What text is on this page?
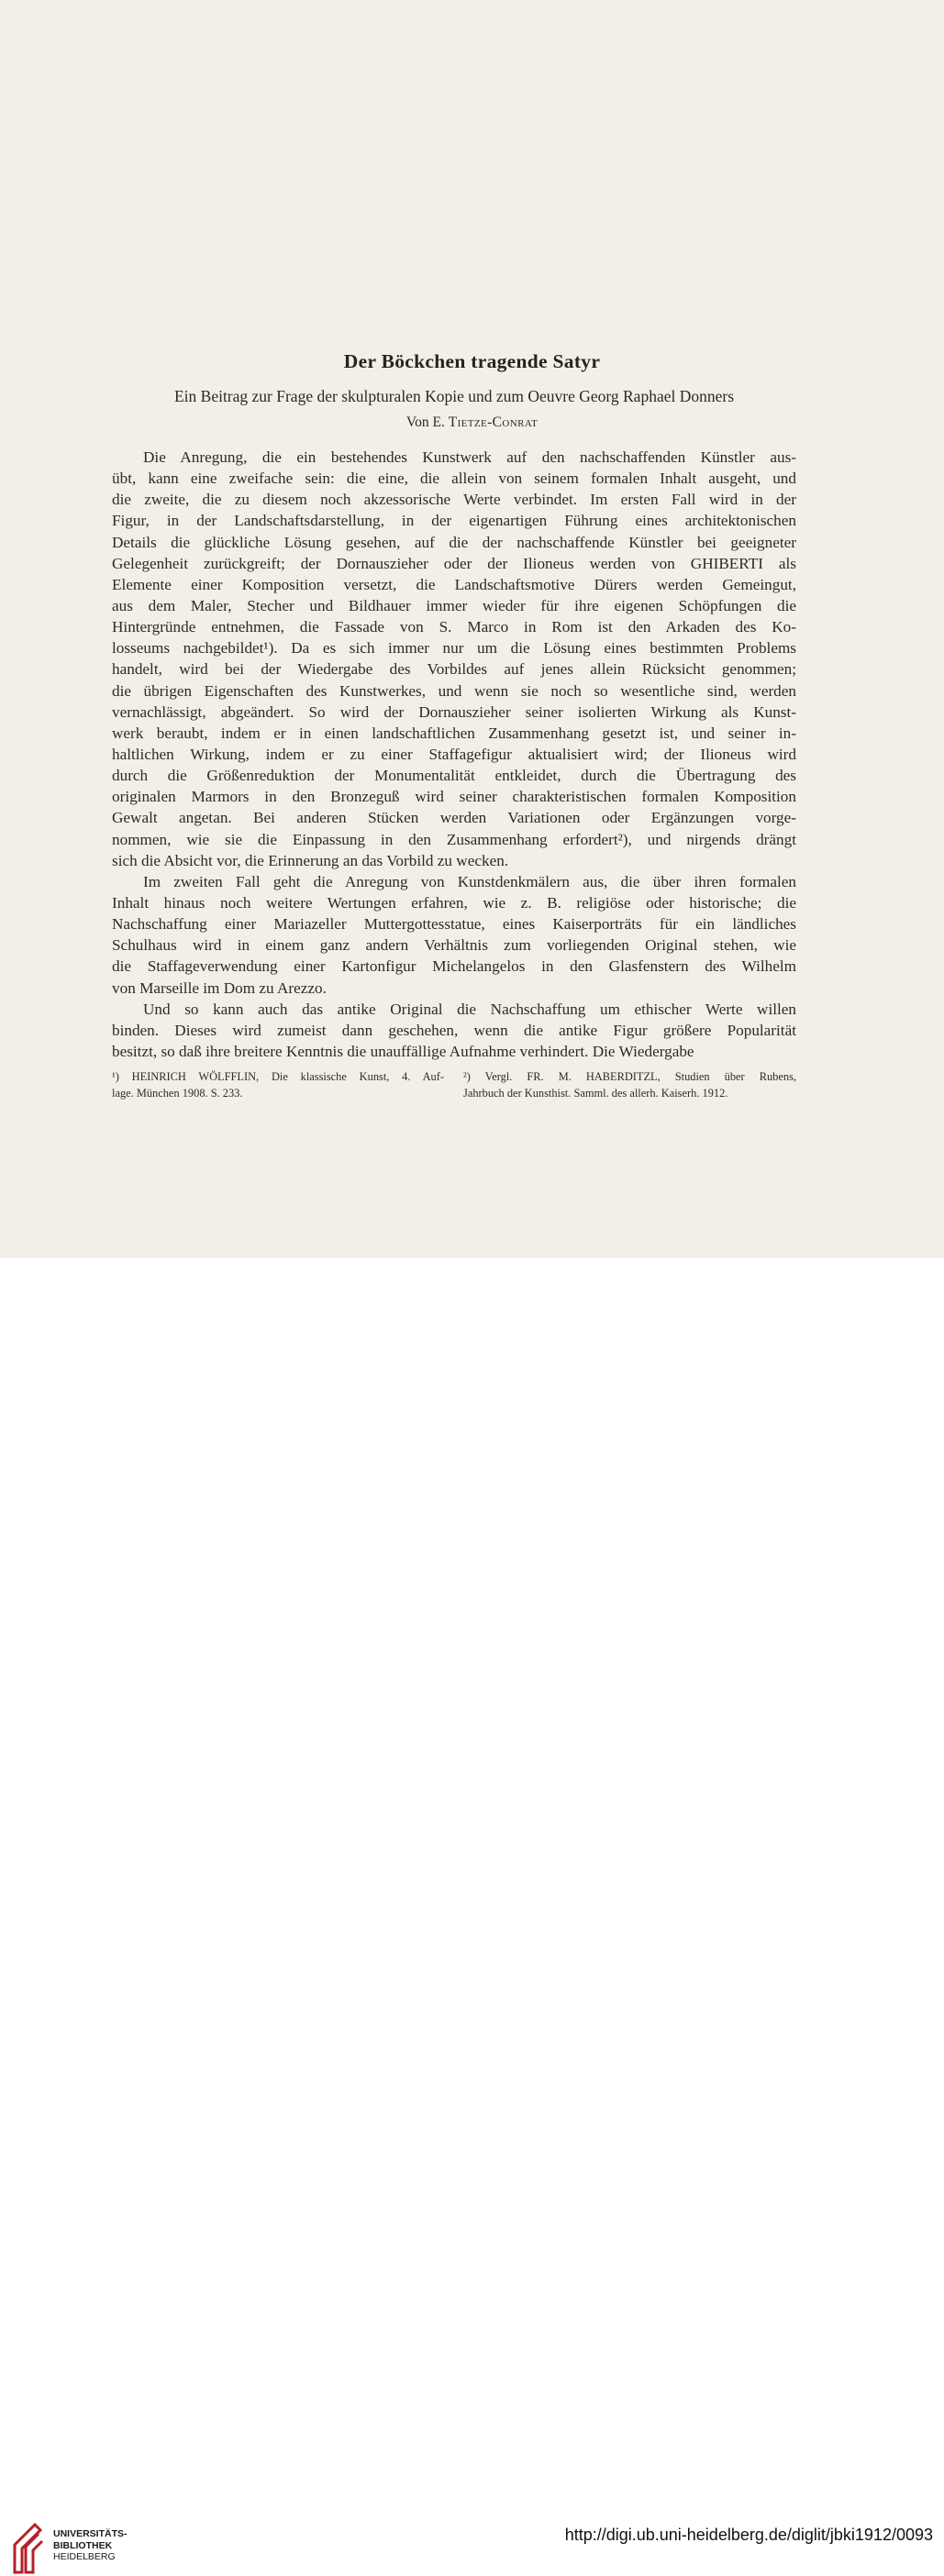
Der Böckchen tragende Satyr
Ein Beitrag zur Frage der skulpturalen Kopie und zum Oeuvre Georg Raphael Donners
Von E. Tietze-Conrat
Die Anregung, die ein bestehendes Kunstwerk auf den nachschaffenden Künstler aus-
übt, kann eine zweifache sein: die eine, die allein von seinem formalen Inhalt ausgeht, und
die zweite, die zu diesem noch akzessorische Werte verbindet. Im ersten Fall wird in der
Figur, in der Landschaftsdarstellung, in der eigenartigen Führung eines architektonischen
Details die glückliche Lösung gesehen, auf die der nachschaffende Künstler bei geeigneter
Gelegenheit zurückgreift; der Dornauszieher oder der Ilioneus werden von GHIBERTI als
Elemente einer Komposition versetzt, die Landschaftsmotive Dürers werden Gemeingut,
aus dem Maler, Stecher und Bildhauer immer wieder für ihre eigenen Schöpfungen die
Hintergründe entnehmen, die Fassade von S. Marco in Rom ist den Arkaden des Ko-
losseums nachgebildet¹). Da es sich immer nur um die Lösung eines bestimmten Problems
handelt, wird bei der Wiedergabe des Vorbildes auf jenes allein Rücksicht genommen;
die übrigen Eigenschaften des Kunstwerkes, und wenn sie noch so wesentliche sind, werden
vernachlässigt, abgeändert. So wird der Dornauszieher seiner isolierten Wirkung als Kunst-
werk beraubt, indem er in einen landschaftlichen Zusammenhang gesetzt ist, und seiner in-
haltlichen Wirkung, indem er zu einer Staffagefigur aktualisiert wird; der Ilioneus wird
durch die Größenreduktion der Monumentalität entkleidet, durch die Übertragung des
originalen Marmors in den Bronzeguß wird seiner charakteristischen formalen Komposition
Gewalt angetan. Bei anderen Stücken werden Variationen oder Ergänzungen vorge-
nommen, wie sie die Einpassung in den Zusammenhang erfordert²), und nirgends drängt
sich die Absicht vor, die Erinnerung an das Vorbild zu wecken.
Im zweiten Fall geht die Anregung von Kunstdenkmälern aus, die über ihren formalen
Inhalt hinaus noch weitere Wertungen erfahren, wie z. B. religiöse oder historische; die
Nachschaffung einer Mariazeller Muttergottesstatue, eines Kaiserporträts für ein ländliches
Schulhaus wird in einem ganz andern Verhältnis zum vorliegenden Original stehen, wie
die Staffageverwendung einer Kartonfigur Michelangelos in den Glasfenstern des Wilhelm
von Marseille im Dom zu Arezzo.
Und so kann auch das antike Original die Nachschaffung um ethischer Werte willen
binden. Dieses wird zumeist dann geschehen, wenn die antike Figur größere Popularität
besitzt, so daß ihre breitere Kenntnis die unauffällige Aufnahme verhindert. Die Wiedergabe
¹) HEINRICH WÖLFFLIN, Die klassische Kunst, 4. Auf-
lage. München 1908. S. 233.
²) Vergl. FR. M. HABERDITZL, Studien über Rubens,
Jahrbuch der Kunsthist. Samml. des allerh. Kaiserh. 1912.
UNIVERSITÄTS-
BIBLIOTHEK
HEIDELBERG
http://digi.ub.uni-heidelberg.de/diglit/jbki1912/0093
